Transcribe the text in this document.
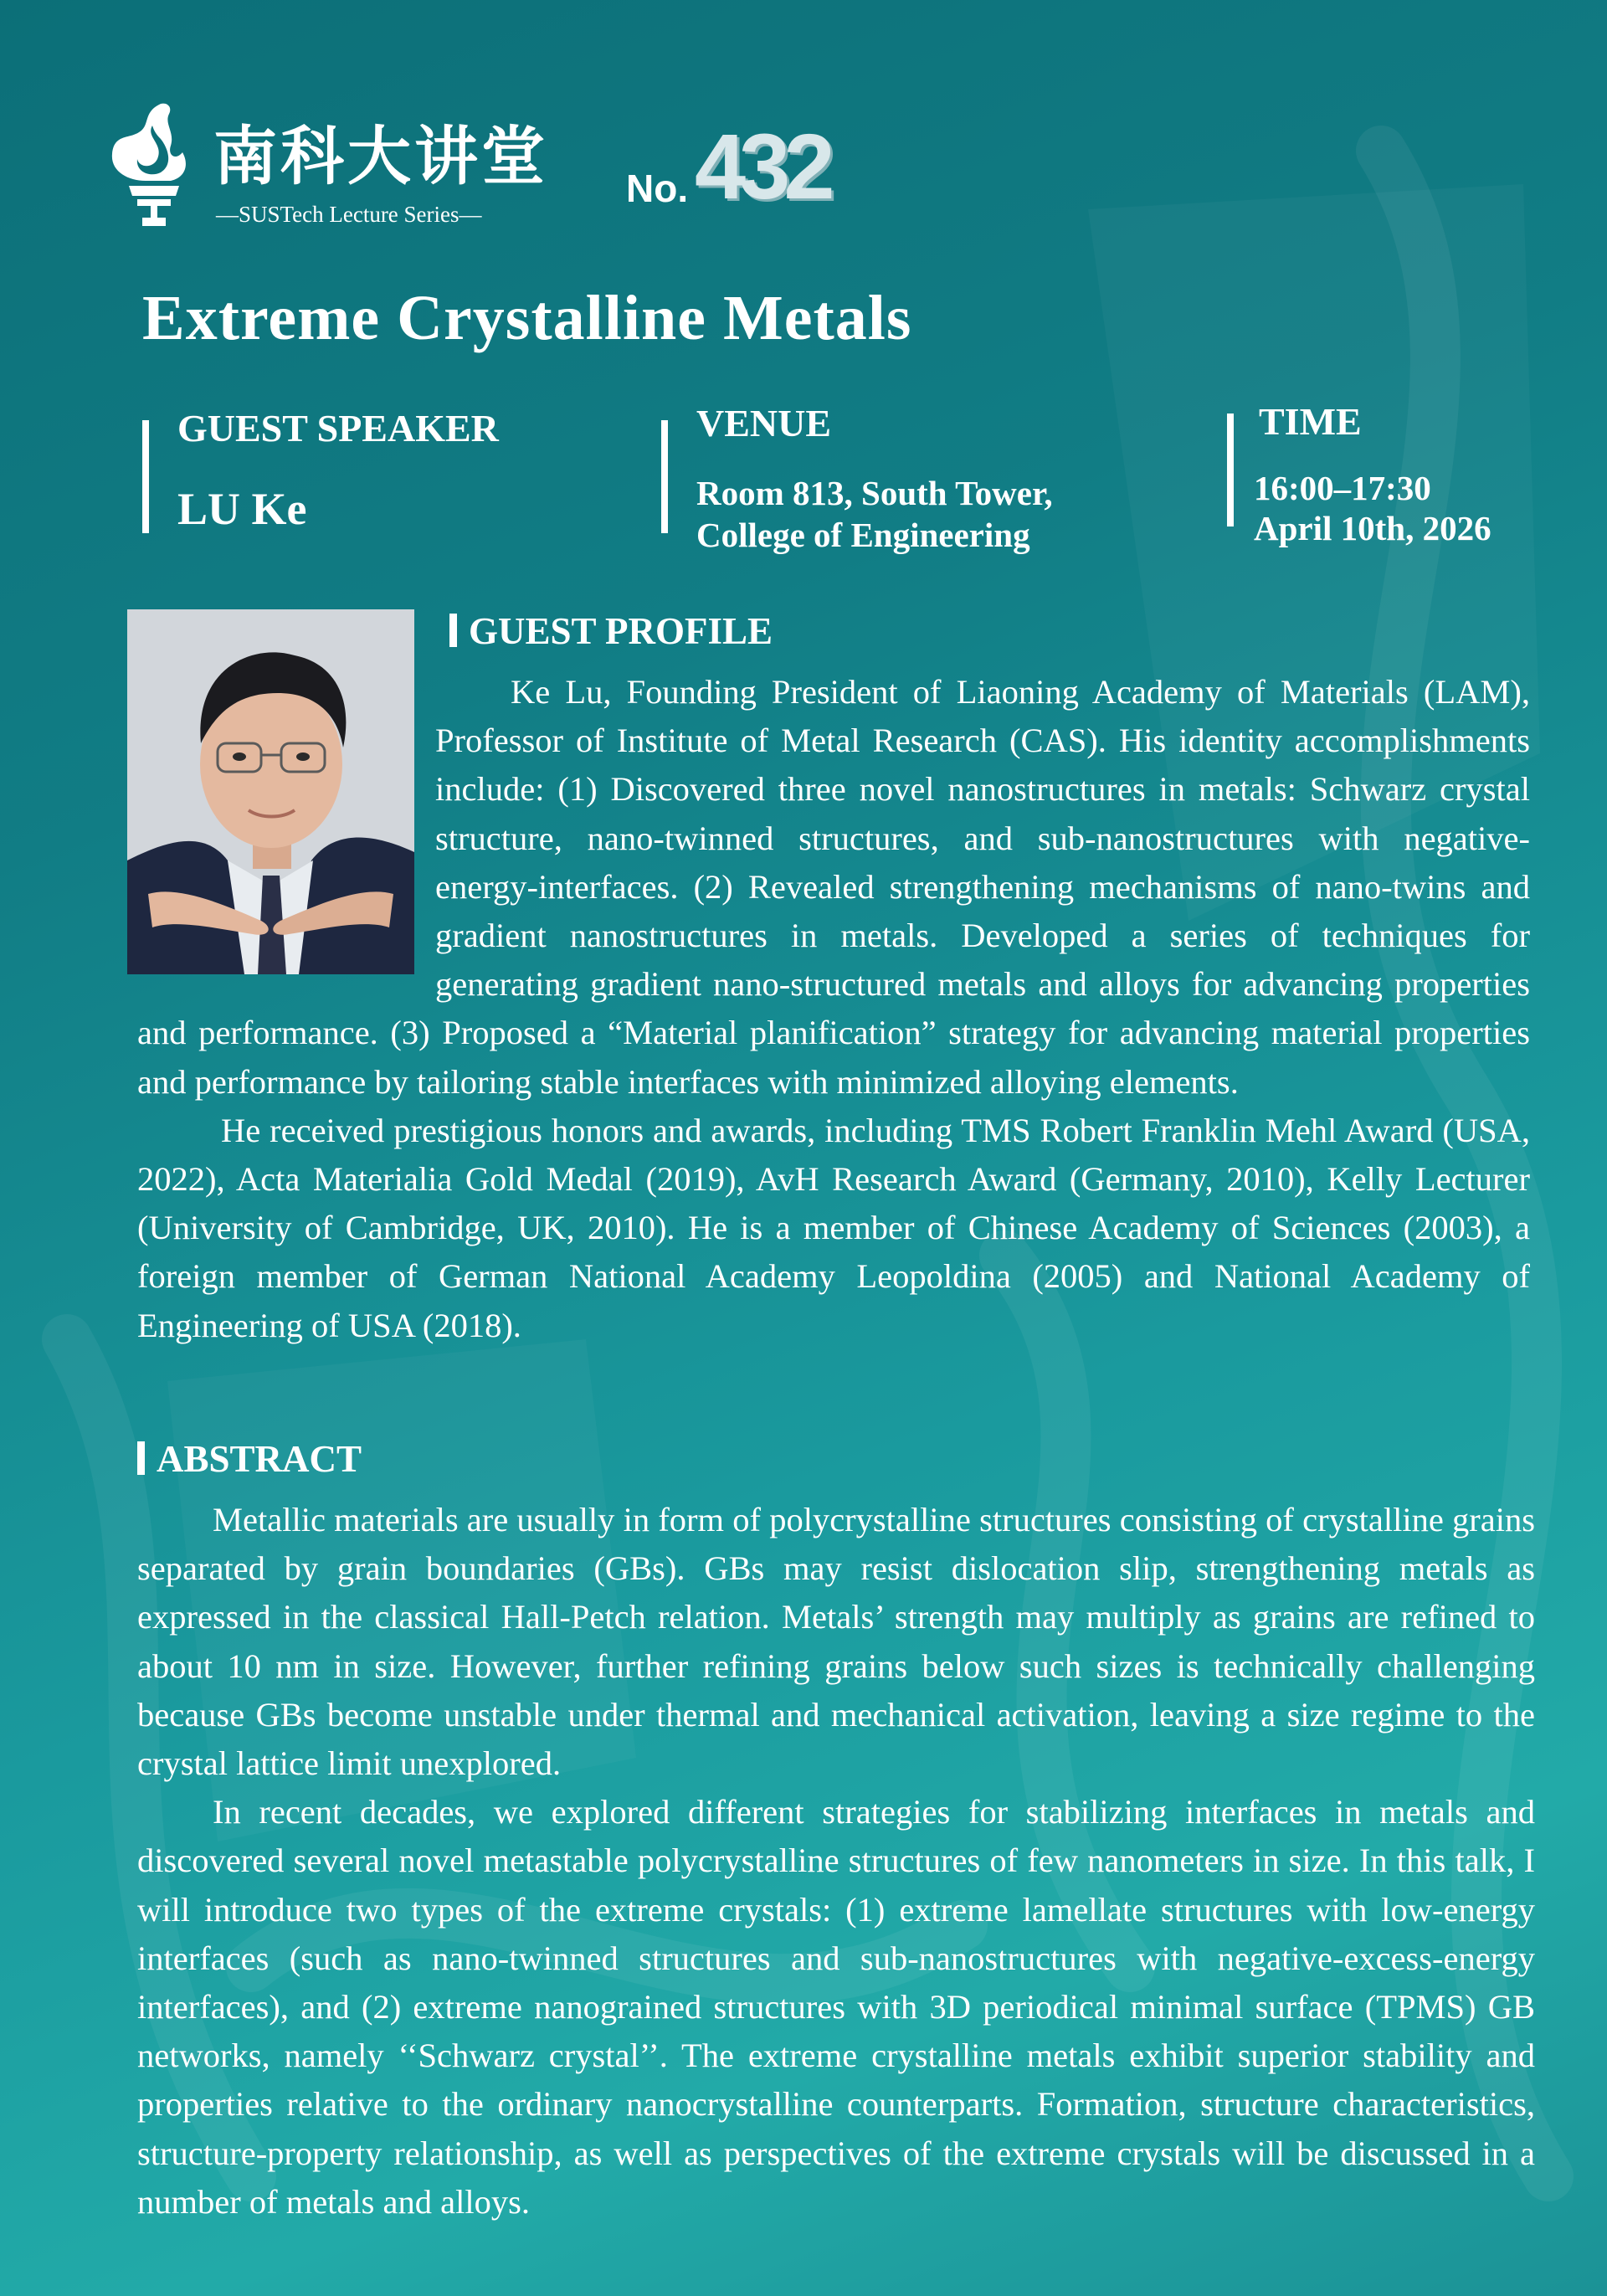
南科大讲堂
—SUSTech Lecture Series—
No. 432
Extreme Crystalline Metals
GUEST SPEAKER
LU Ke
VENUE
Room 813, South Tower,
College of Engineering
TIME
16:00–17:30
April 10th, 2026
GUEST PROFILE

Ke Lu, Founding President of Liaoning Academy of Materials (LAM), Professor of Institute of Metal Research (CAS). His identity accomplishments include: (1) Discovered three novel nanostructures in metals: Schwarz crystal structure, nano-twinned structures, and sub-nanostructures with negative-energy-interfaces. (2) Revealed strengthening mechanisms of nano-twins and gradient nanostructures in metals. Developed a series of techniques for generating gradient nano-structured metals and alloys for advancing properties and performance. (3) Proposed a “Material planification” strategy for advancing material properties and performance by tailoring stable interfaces with minimized alloying elements.

He received prestigious honors and awards, including TMS Robert Franklin Mehl Award (USA, 2022), Acta Materialia Gold Medal (2019), AvH Research Award (Germany, 2010), Kelly Lecturer (University of Cambridge, UK, 2010). He is a member of Chinese Academy of Sciences (2003), a foreign member of German National Academy Leopoldina (2005) and National Academy of Engineering of USA (2018).

ABSTRACT

Metallic materials are usually in form of polycrystalline structures consisting of crystalline grains separated by grain boundaries (GBs). GBs may resist dislocation slip, strengthening metals as expressed in the classical Hall-Petch relation. Metals’ strength may multiply as grains are refined to about 10 nm in size. However, further refining grains below such sizes is technically challenging because GBs become unstable under thermal and mechanical activation, leaving a size regime to the crystal lattice limit unexplored.

In recent decades, we explored different strategies for stabilizing interfaces in metals and discovered several novel metastable polycrystalline structures of few nanometers in size. In this talk, I will introduce two types of the extreme crystals: (1) extreme lamellate structures with low-energy interfaces (such as nano-twinned structures and sub-nanostructures with negative-excess-energy interfaces), and (2) extreme nanograined structures with 3D periodical minimal surface (TPMS) GB networks, namely ‘‘Schwarz crystal’’. The extreme crystalline metals exhibit superior stability and properties relative to the ordinary nanocrystalline counterparts. Formation, structure characteristics, structure-property relationship, as well as perspectives of the extreme crystals will be discussed in a number of metals and alloys.
